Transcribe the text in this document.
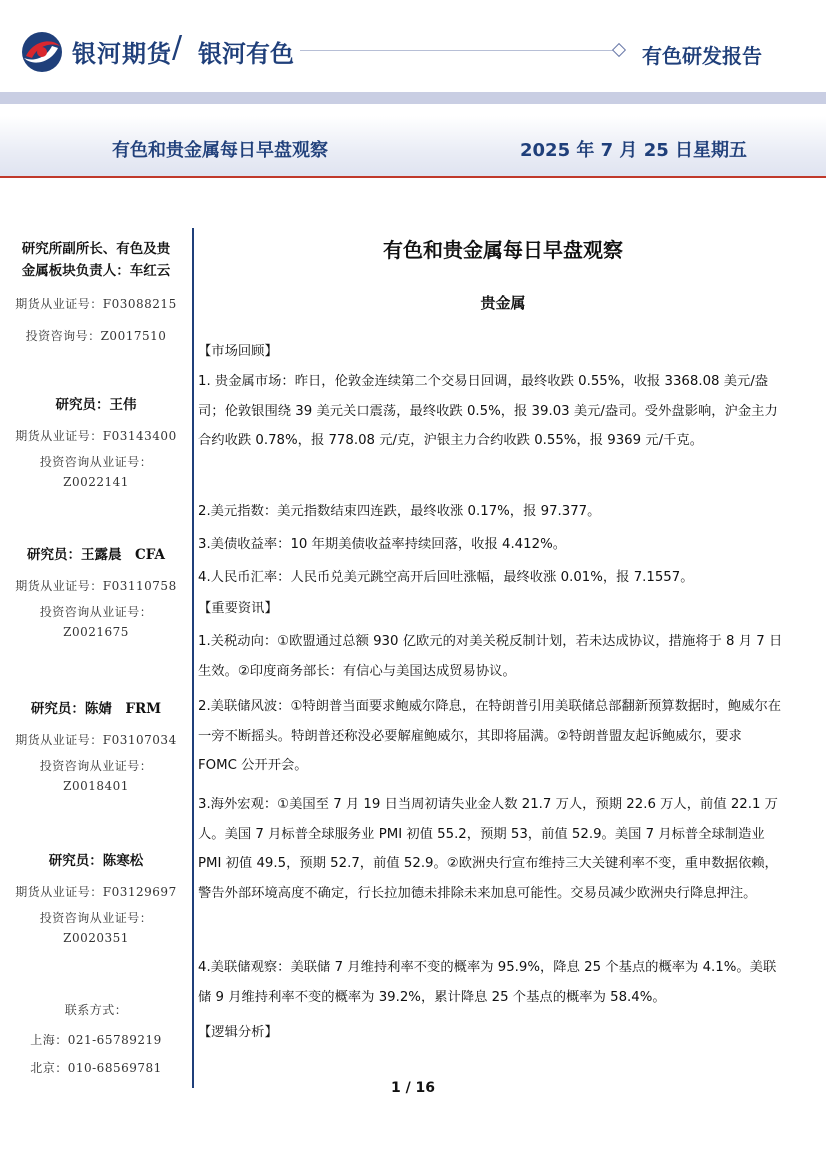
银河期货 / 银河有色	有色研发报告
有色和贵金属每日早盘观察	2025 年 7 月 25 日星期五
研究所副所长、有色及贵
金属板块负责人：车红云
期货从业证号：F03088215
投资咨询号：Z0017510
研究员：王伟
期货从业证号：F03143400
投资咨询从业证号：
Z0022141
研究员：王露晨　CFA
期货从业证号：F03110758
投资咨询从业证号：
Z0021675
研究员：陈婧　FRM
期货从业证号：F03107034
投资咨询从业证号：
Z0018401
研究员：陈寒松
期货从业证号：F03129697
投资咨询从业证号：
Z0020351
联系方式：
上海：021-65789219
北京：010-68569781
有色和贵金属每日早盘观察
贵金属
【市场回顾】
1. 贵金属市场：昨日，伦敦金连续第二个交易日回调，最终收跌 0.55%，收报 3368.08 美元/盎司；伦敦银围绕 39 美元关口震荡，最终收跌 0.5%，报 39.03 美元/盎司。受外盘影响，沪金主力合约收跌 0.78%，报 778.08 元/克，沪银主力合约收跌 0.55%，报 9369 元/千克。
2.美元指数：美元指数结束四连跌，最终收涨 0.17%，报 97.377。
3.美债收益率：10 年期美债收益率持续回落，收报 4.412%。
4.人民币汇率：人民币兑美元跳空高开后回吐涨幅，最终收涨 0.01%，报 7.1557。
【重要资讯】
1.关税动向：①欧盟通过总额 930 亿欧元的对美关税反制计划，若未达成协议，措施将于 8 月 7 日生效。②印度商务部长：有信心与美国达成贸易协议。
2.美联储风波：①特朗普当面要求鲍威尔降息，在特朗普引用美联储总部翻新预算数据时，鲍威尔在一旁不断摇头。特朗普还称没必要解雇鲍威尔，其即将届满。②特朗普盟友起诉鲍威尔，要求 FOMC 公开开会。
3.海外宏观：①美国至 7 月 19 日当周初请失业金人数 21.7 万人，预期 22.6 万人，前值 22.1 万人。美国 7 月标普全球服务业 PMI 初值 55.2，预期 53，前值 52.9。美国 7 月标普全球制造业 PMI 初值 49.5，预期 52.7，前值 52.9。②欧洲央行宣布维持三大关键利率不变，重申数据依赖，警告外部环境高度不确定，行长拉加德未排除未来加息可能性。交易员减少欧洲央行降息押注。
4.美联储观察：美联储 7 月维持利率不变的概率为 95.9%，降息 25 个基点的概率为 4.1%。美联储 9 月维持利率不变的概率为 39.2%，累计降息 25 个基点的概率为 58.4%。
【逻辑分析】
1 / 16
